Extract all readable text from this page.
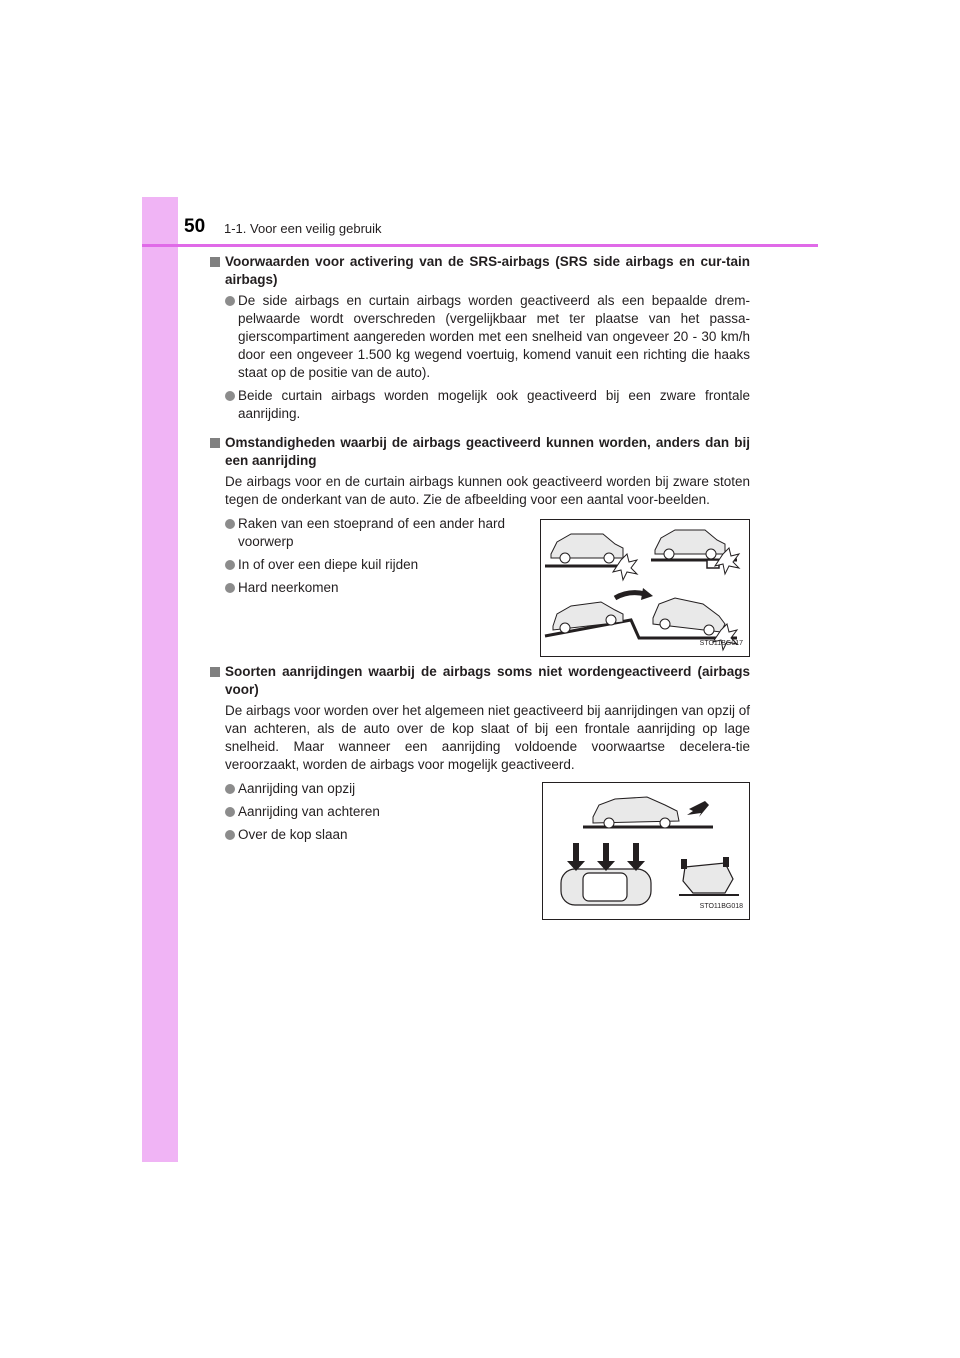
50 1-1. Voor een veilig gebruik
Voorwaarden voor activering van de SRS-airbags (SRS side airbags en cur-tain airbags)
De side airbags en curtain airbags worden geactiveerd als een bepaalde drem-pelwaarde wordt overschreden (vergelijkbaar met ter plaatse van het passa-gierscompartiment aangereden worden met een snelheid van ongeveer 20 - 30 km/h door een ongeveer 1.500 kg wegend voertuig, komend vanuit een richting die haaks staat op de positie van de auto).
Beide curtain airbags worden mogelijk ook geactiveerd bij een zware frontale aanrijding.
Omstandigheden waarbij de airbags geactiveerd kunnen worden, anders dan bij een aanrijding
De airbags voor en de curtain airbags kunnen ook geactiveerd worden bij zware stoten tegen de onderkant van de auto. Zie de afbeelding voor een aantal voor-beelden.
Raken van een stoeprand of een ander hard voorwerp
In of over een diepe kuil rijden
Hard neerkomen
STO11BG017
Soorten aanrijdingen waarbij de airbags soms niet wordengeactiveerd (airbags voor)
De airbags voor worden over het algemeen niet geactiveerd bij aanrijdingen van opzij of van achteren, als de auto over de kop slaat of bij een frontale aanrijding op lage snelheid. Maar wanneer een aanrijding voldoende voorwaartse decelera-tie veroorzaakt, worden de airbags voor mogelijk geactiveerd.
Aanrijding van opzij
Aanrijding van achteren
Over de kop slaan
STO11BG018
